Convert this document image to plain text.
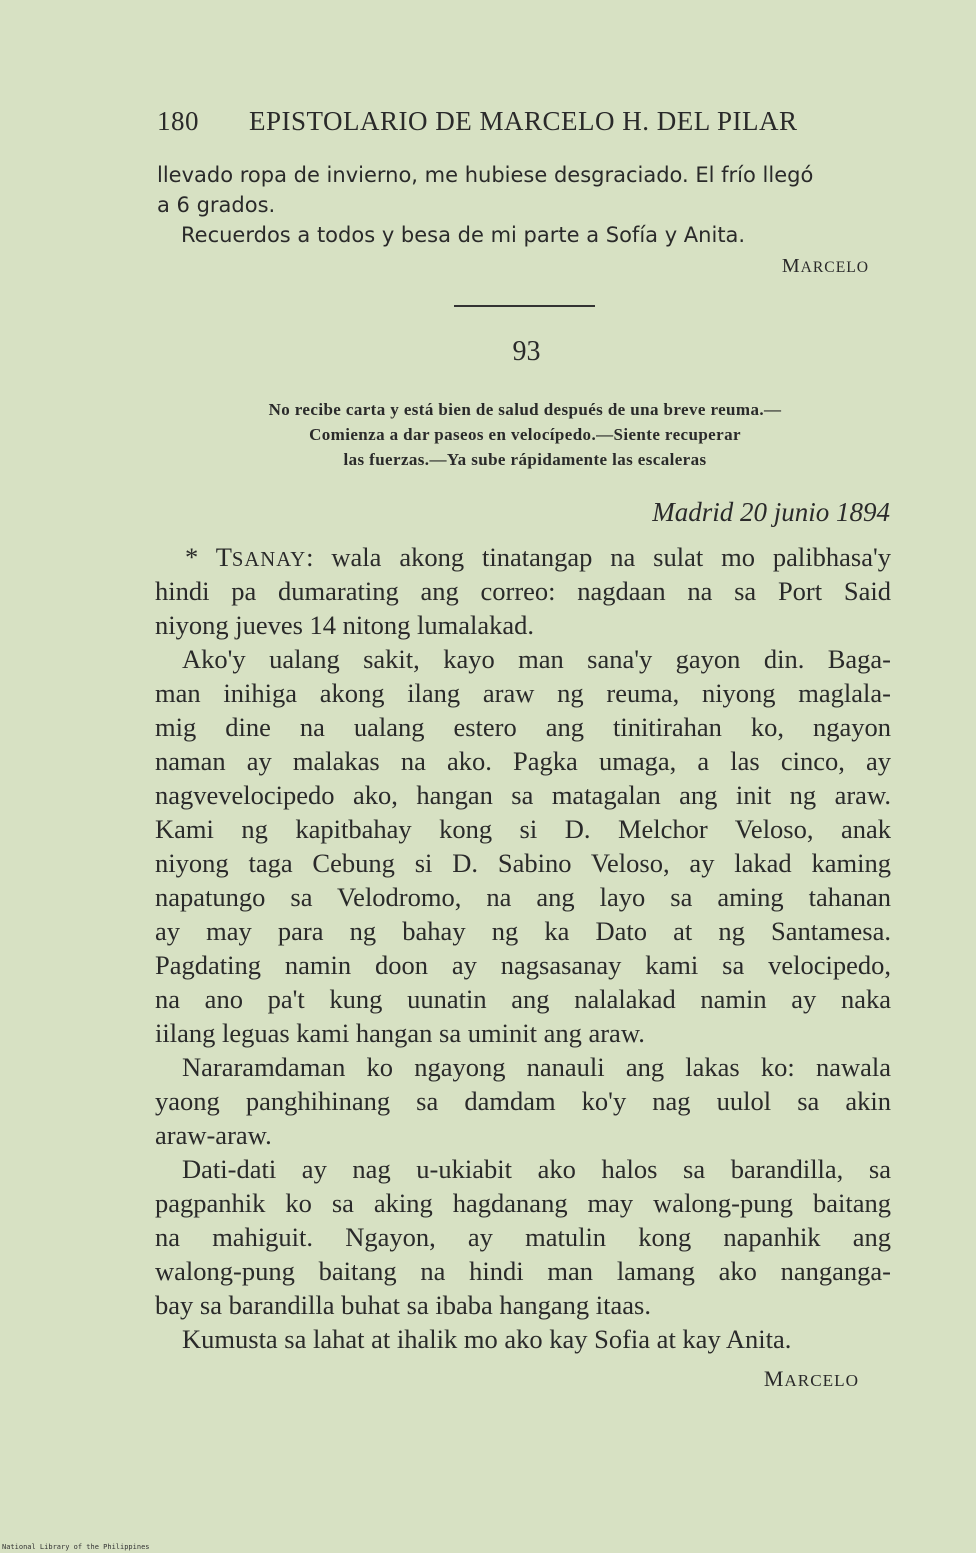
180 EPISTOLARIO DE MARCELO H. DEL PILAR
llevado ropa de invierno, me hubiese desgraciado. El frío llegó
a 6 grados.
Recuerdos a todos y besa de mi parte a Sofía y Anita.
MARCELO
93
No recibe carta y está bien de salud después de una breve reuma.—
Comienza a dar paseos en velocípedo.—Siente recuperar
las fuerzas.—Ya sube rápidamente las escaleras
Madrid 20 junio 1894
* TSANAY: wala akong tinatangap na sulat mo palibhasa'y
hindi pa dumarating ang correo: nagdaan na sa Port Said
niyong jueves 14 nitong lumalakad.
Ako'y ualang sakit, kayo man sana'y gayon din. Baga-
man inihiga akong ilang araw ng reuma, niyong maglala-
mig dine na ualang estero ang tinitirahan ko, ngayon
naman ay malakas na ako. Pagka umaga, a las cinco, ay
nagvevelocipedo ako, hangan sa matagalan ang init ng araw.
Kami ng kapitbahay kong si D. Melchor Veloso, anak
niyong taga Cebung si D. Sabino Veloso, ay lakad kaming
napatungo sa Velodromo, na ang layo sa aming tahanan
ay may para ng bahay ng ka Dato at ng Santamesa.
Pagdating namin doon ay nagsasanay kami sa velocipedo,
na ano pa't kung uunatin ang nalalakad namin ay naka
iilang leguas kami hangan sa uminit ang araw.
Nararamdaman ko ngayong nanauli ang lakas ko: nawala
yaong panghihinang sa damdam ko'y nag uulol sa akin
araw-araw.
Dati-dati ay nag u-ukiabit ako halos sa barandilla, sa
pagpanhik ko sa aking hagdanang may walong-pung baitang
na mahiguit. Ngayon, ay matulin kong napanhik ang
walong-pung baitang na hindi man lamang ako nanganga-
bay sa barandilla buhat sa ibaba hangang itaas.
Kumusta sa lahat at ihalik mo ako kay Sofia at kay Anita.
MARCELO
National Library of the Philippines
